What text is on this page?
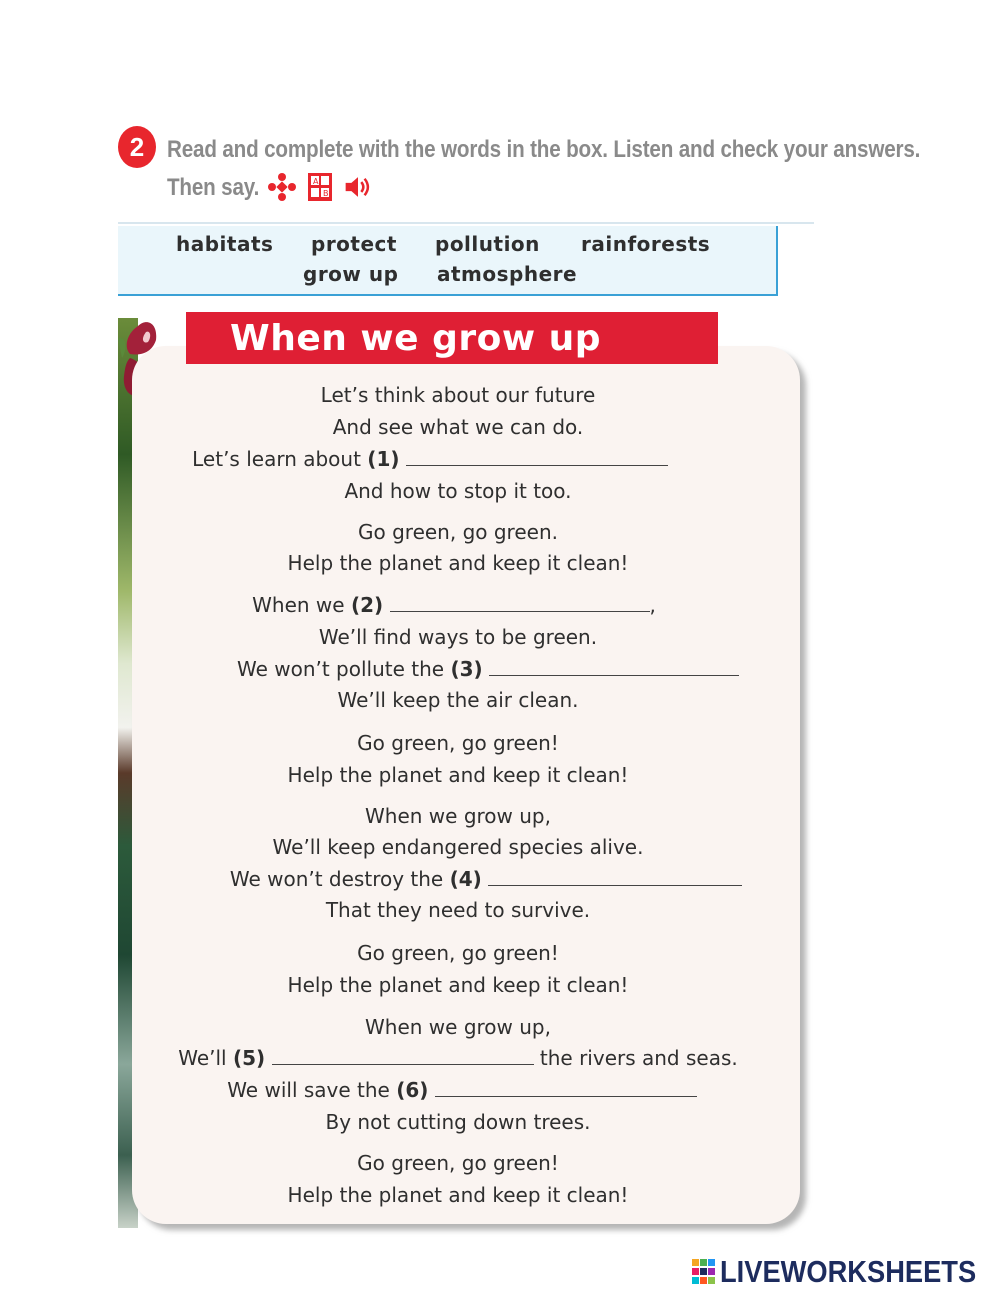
2 Read and complete with the words in the box. Listen and check your answers.
Then say.	A
B
habitats protect pollution rainforests
grow up atmosphere
When we grow up
Let’s think about our future
And see what we can do.
Let’s learn about (1)
And how to stop it too.
Go green, go green.
Help the planet and keep it clean!
When we (2)	,
We’ll find ways to be green.
We won’t pollute the (3)
We’ll keep the air clean.
Go green, go green!
Help the planet and keep it clean!
When we grow up,
We’ll keep endangered species alive.
We won’t destroy the (4)
That they need to survive.
Go green, go green!
Help the planet and keep it clean!
When we grow up,
We’ll (5)	the rivers and seas.
We will save the (6)
By not cutting down trees.
Go green, go green!
Help the planet and keep it clean!
LIVEWORKSHEETS
